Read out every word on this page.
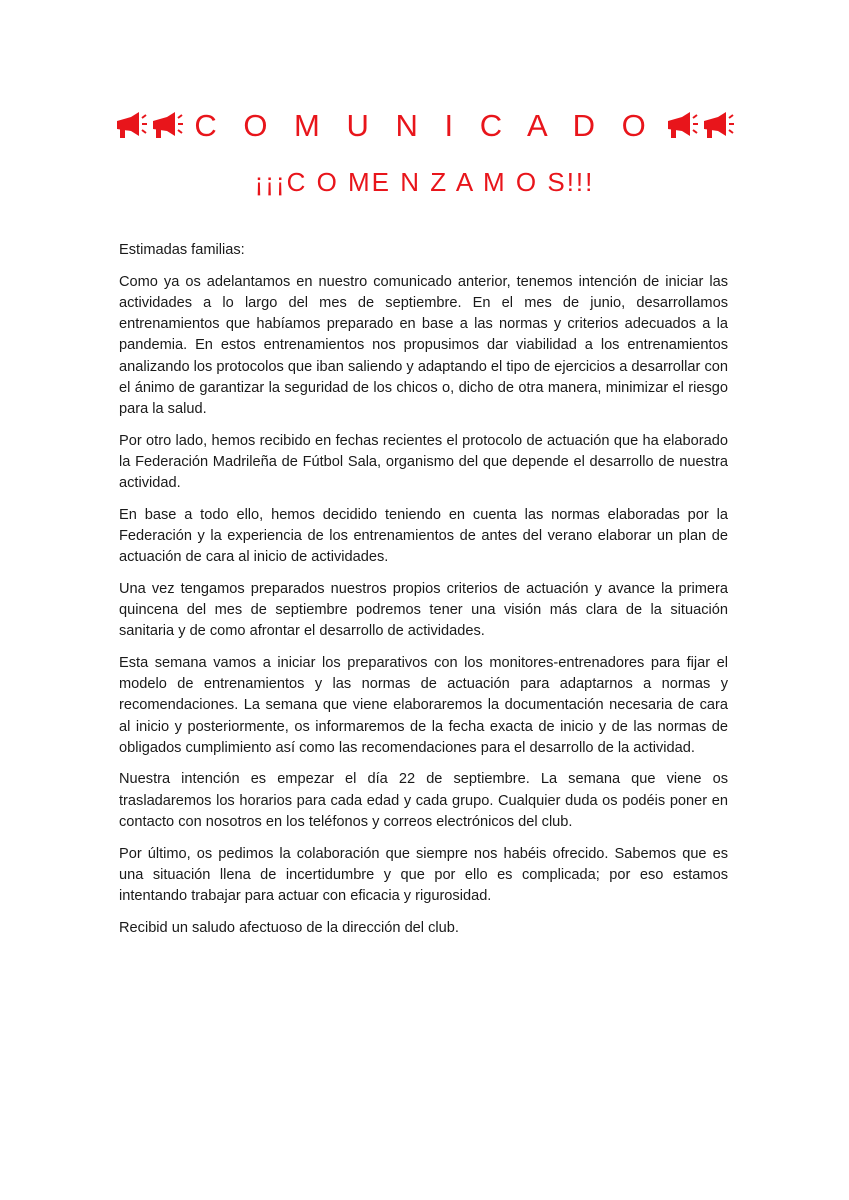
C O M U N I C A D O
¡¡¡C O ME N Z A M O S!!!

Estimadas familias:

Como ya os adelantamos en nuestro comunicado anterior, tenemos intención de iniciar las actividades a lo largo del mes de septiembre. En el mes de junio, desarrollamos entrenamientos que habíamos preparado en base a las normas y criterios adecuados a la pandemia. En estos entrenamientos nos propusimos dar viabilidad a los entrenamientos analizando los protocolos que iban saliendo y adaptando el tipo de ejercicios a desarrollar con el ánimo de garantizar la seguridad de los chicos o, dicho de otra manera, minimizar el riesgo para la salud.

Por otro lado, hemos recibido en fechas recientes el protocolo de actuación que ha elaborado la Federación Madrileña de Fútbol Sala, organismo del que depende el desarrollo de nuestra actividad.

En base a todo ello, hemos decidido teniendo en cuenta las normas elaboradas por la Federación y la experiencia de los entrenamientos de antes del verano elaborar un plan de actuación de cara al inicio de actividades.

Una vez tengamos preparados nuestros propios criterios de actuación y avance la primera quincena del mes de septiembre podremos tener una visión más clara de la situación sanitaria y de como afrontar el desarrollo de actividades.

Esta semana vamos a iniciar los preparativos con los monitores-entrenadores para fijar el modelo de entrenamientos y las normas de actuación para adaptarnos a normas y recomendaciones. La semana que viene elaboraremos la documentación necesaria de cara al inicio y posteriormente, os informaremos de la fecha exacta de inicio y de las normas de obligados cumplimiento así como las recomendaciones para el desarrollo de la actividad.

Nuestra intención es empezar el día 22 de septiembre. La semana que viene os trasladaremos los horarios para cada edad y cada grupo. Cualquier duda os podéis poner en contacto con nosotros en los teléfonos y correos electrónicos del club.

Por último, os pedimos la colaboración que siempre nos habéis ofrecido. Sabemos que es una situación llena de incertidumbre y que por ello es complicada; por eso estamos intentando trabajar para actuar con eficacia y rigurosidad.

Recibid un saludo afectuoso de la dirección del club.
